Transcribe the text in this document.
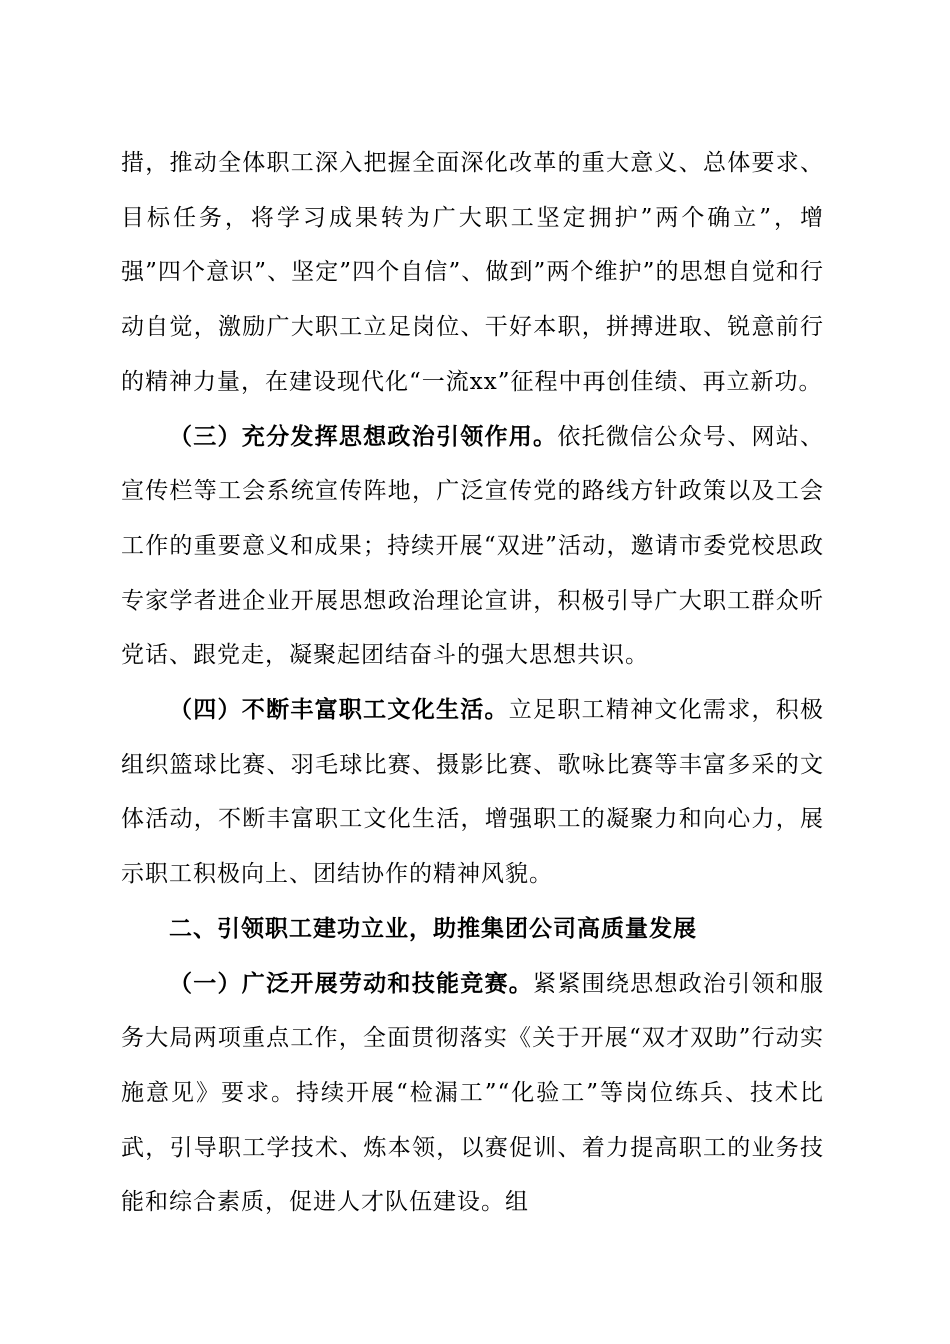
措，推动全体职工深入把握全面深化改革的重大意义、总体要求、目标任务，将学习成果转为广大职工坚定拥护”两个确立”，增强”四个意识”、坚定”四个自信”、做到”两个维护”的思想自觉和行动自觉，激励广大职工立足岗位、干好本职，拼搏进取、锐意前行的精神力量，在建设现代化“一流xx”征程中再创佳绩、再立新功。

（三）充分发挥思想政治引领作用。依托微信公众号、网站、宣传栏等工会系统宣传阵地，广泛宣传党的路线方针政策以及工会工作的重要意义和成果；持续开展“双进”活动，邀请市委党校思政专家学者进企业开展思想政治理论宣讲，积极引导广大职工群众听党话、跟党走，凝聚起团结奋斗的强大思想共识。

（四）不断丰富职工文化生活。立足职工精神文化需求，积极组织篮球比赛、羽毛球比赛、摄影比赛、歌咏比赛等丰富多采的文体活动，不断丰富职工文化生活，增强职工的凝聚力和向心力，展示职工积极向上、团结协作的精神风貌。

二、引领职工建功立业，助推集团公司高质量发展

（一）广泛开展劳动和技能竞赛。紧紧围绕思想政治引领和服务大局两项重点工作，全面贯彻落实《关于开展“双才双助”行动实施意见》要求。持续开展“检漏工”“化验工”等岗位练兵、技术比武，引导职工学技术、炼本领，以赛促训、着力提高职工的业务技能和综合素质，促进人才队伍建设。组
